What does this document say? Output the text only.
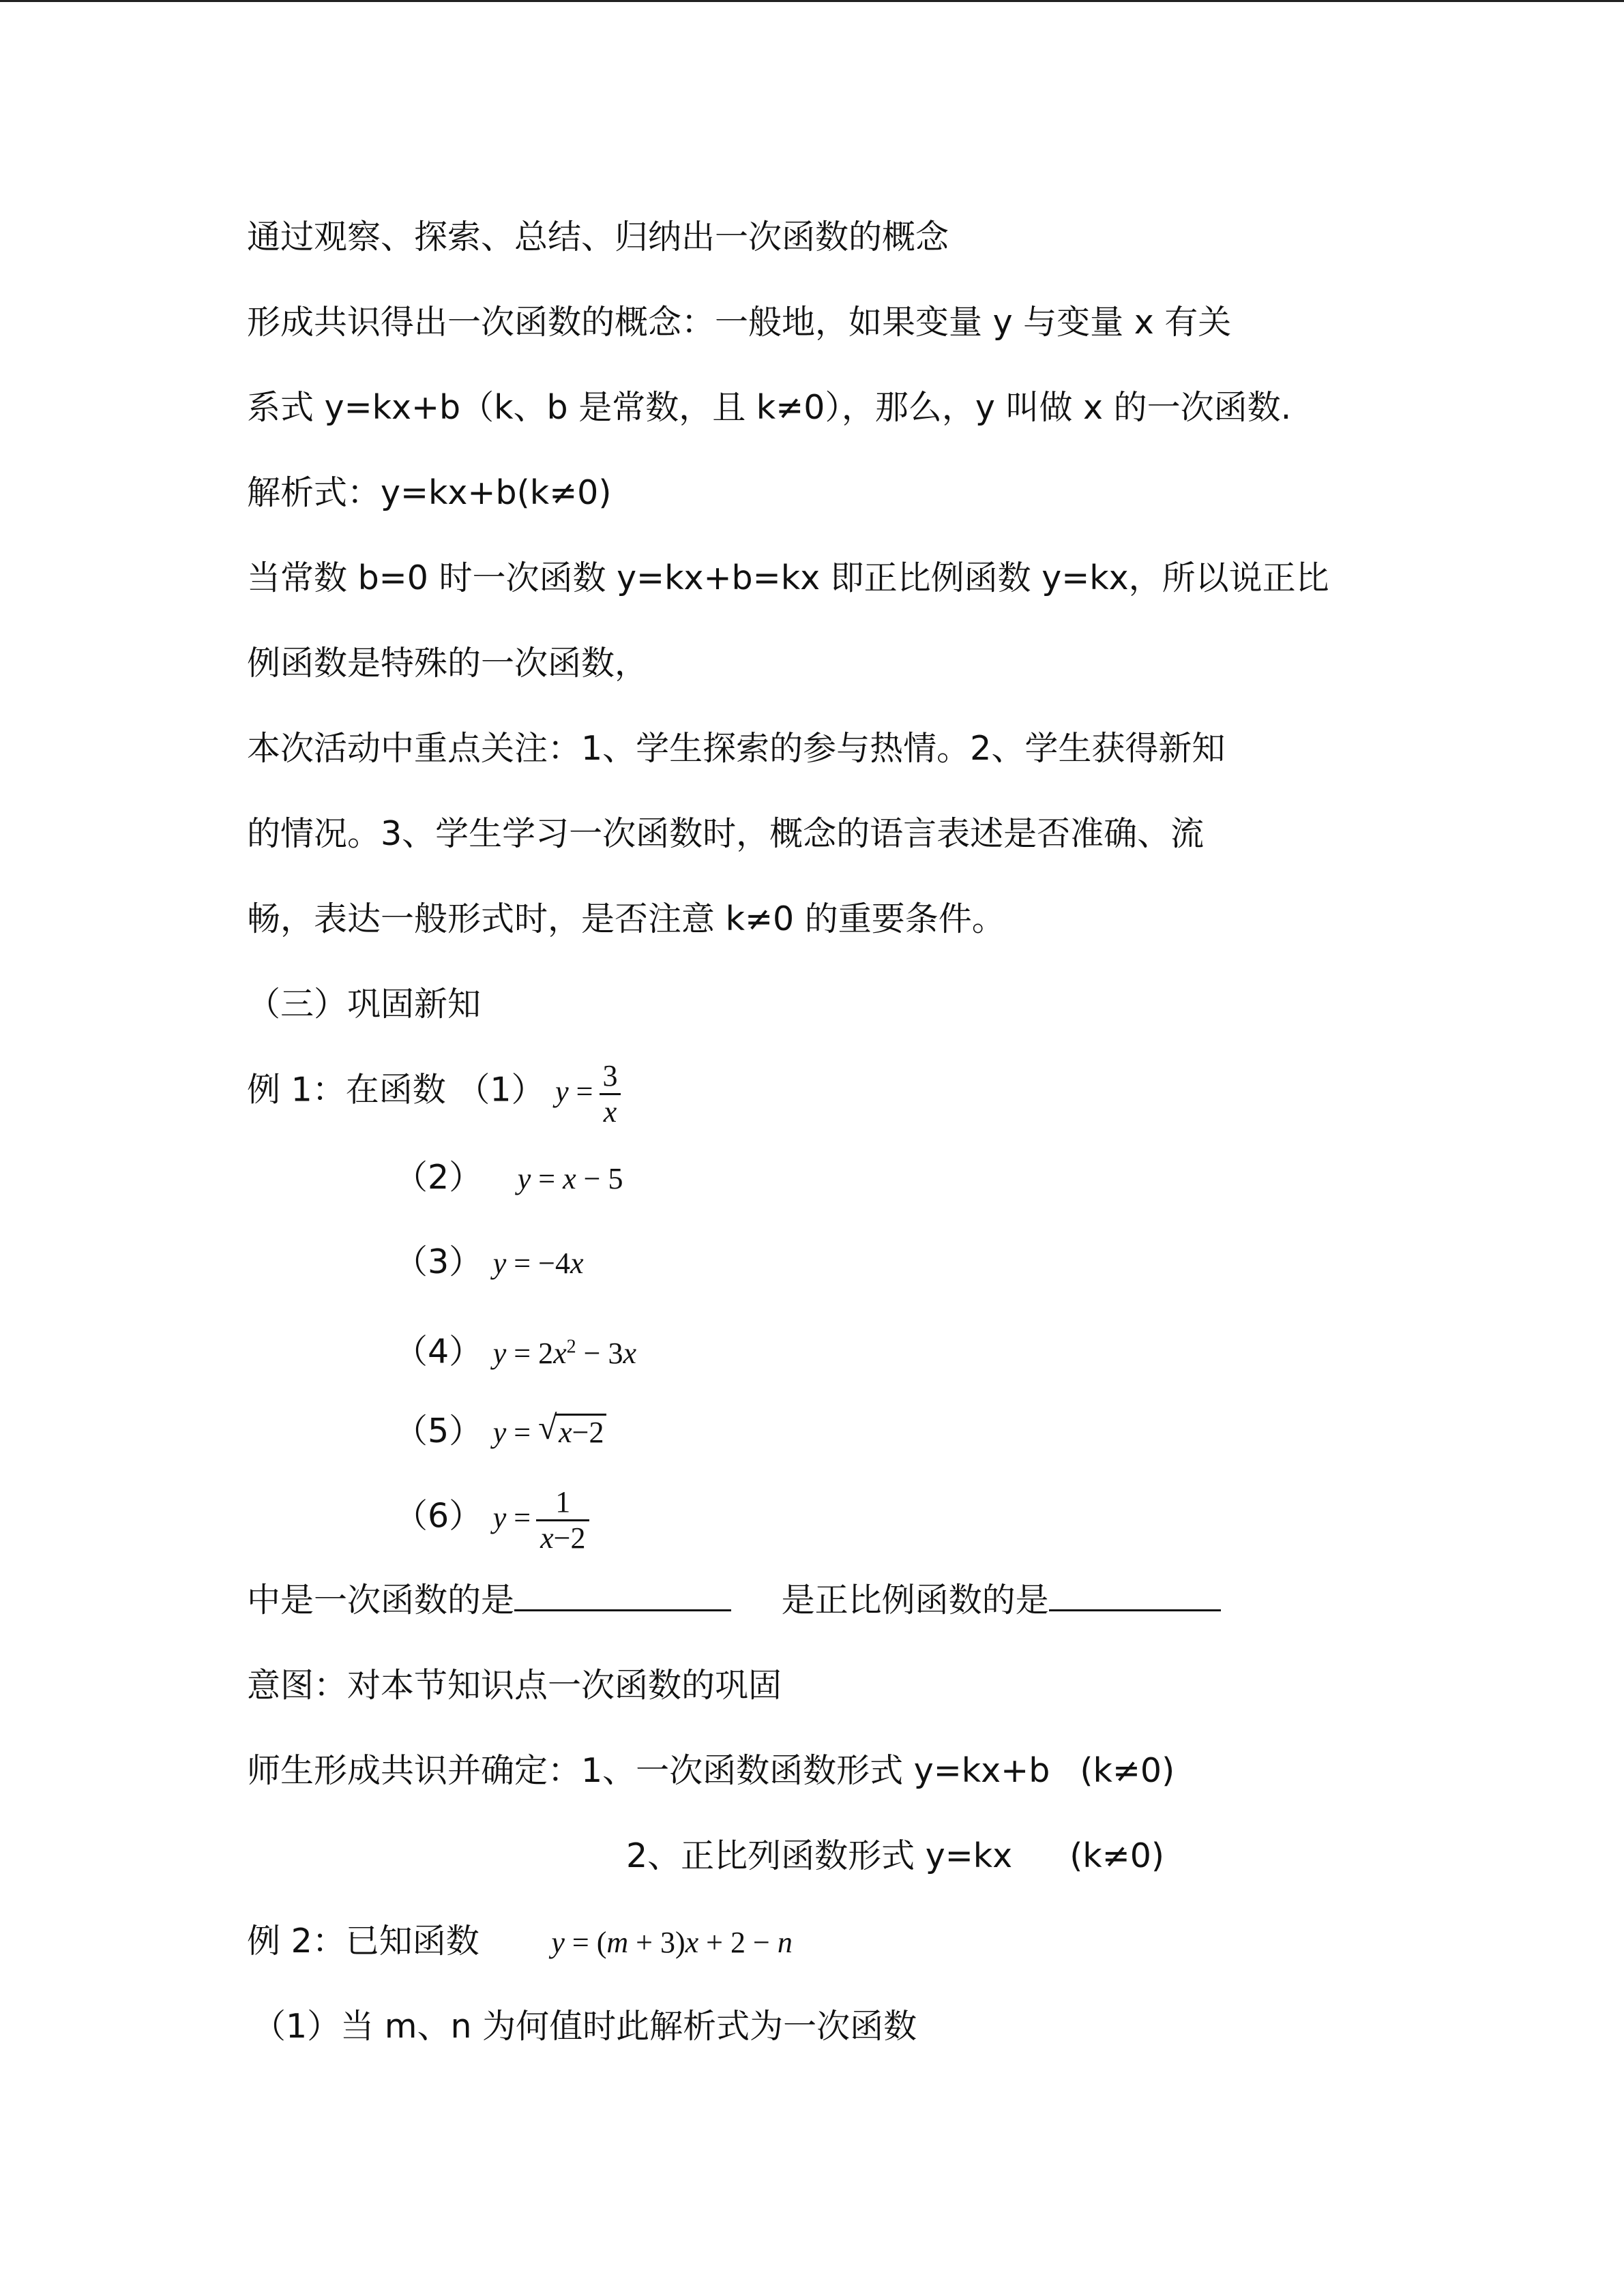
通过观察、探索、总结、归纳出一次函数的概念
形成共识得出一次函数的概念：一般地，如果变量 y 与变量 x 有关
系式 y=kx+b（k、b 是常数，且 k≠0），那么，y 叫做 x 的一次函数.
解析式：y=kx+b(k≠0)
当常数 b=0 时一次函数 y=kx+b=kx 即正比例函数 y=kx，所以说正比
例函数是特殊的一次函数，
本次活动中重点关注：1、学生探索的参与热情。2、学生获得新知
的情况。3、学生学习一次函数时，概念的语言表述是否准确、流
畅，表达一般形式时，是否注意 k≠0 的重要条件。
（三）巩固新知
例 1：在函数 （1） $y = \frac{3}{x}$
（2） y = x − 5
（3） y = −4x
（4） $y = 2x^2 - 3x$
（5） y = √ x−2
（6） $y = \frac{1}{x-2}$
中是一次函数的是	是正比例函数的是
意图：对本节知识点一次函数的巩固
师生形成共识并确定：1、一次函数函数形式 y=kx+b (k≠0)
2、正比列函数形式 y=kx (k≠0)
例 2：已知函数 y = (m + 3)x + 2 − n
（1）当 m、n 为何值时此解析式为一次函数
